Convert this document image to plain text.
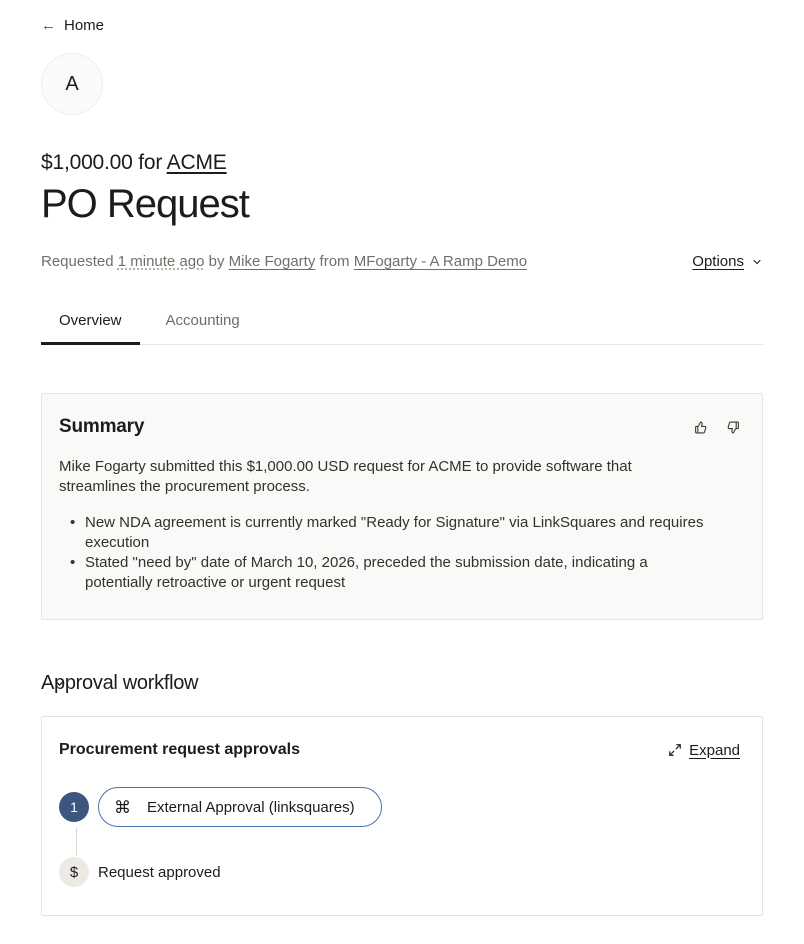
← Home
A
$1,000.00 for ACME
PO Request
Requested 1 minute ago by Mike Fogarty from MFogarty - A Ramp Demo	Options
Overview	Accounting
Summary

Mike Fogarty submitted this $1,000.00 USD request for ACME to provide software that streamlines the procurement process.

• New NDA agreement is currently marked "Ready for Signature" via LinkSquares and requires execution
• Stated "need by" date of March 10, 2026, preceded the submission date, indicating a potentially retroactive or urgent request
Approval workflow
Procurement request approvals	Expand
1	⌘ External Approval (linksquares)
$	Request approved
